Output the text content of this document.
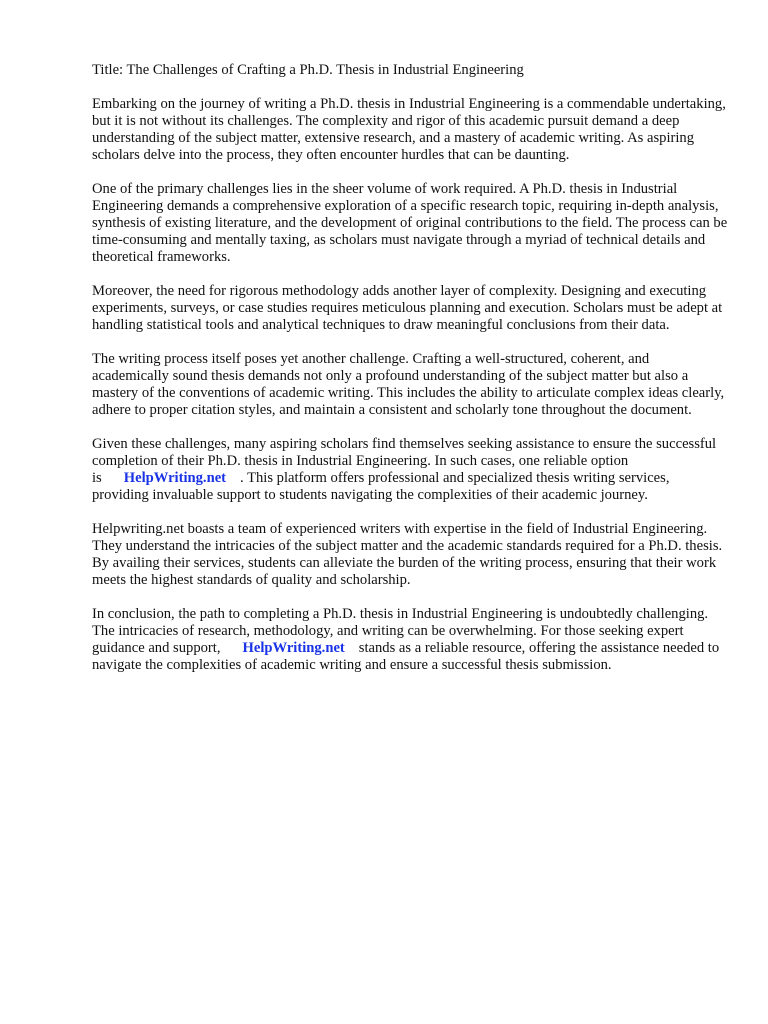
Title: The Challenges of Crafting a Ph.D. Thesis in Industrial Engineering

Embarking on the journey of writing a Ph.D. thesis in Industrial Engineering is a commendable undertaking, but it is not without its challenges. The complexity and rigor of this academic pursuit demand a deep understanding of the subject matter, extensive research, and a mastery of academic writing. As aspiring scholars delve into the process, they often encounter hurdles that can be daunting.

One of the primary challenges lies in the sheer volume of work required. A Ph.D. thesis in Industrial Engineering demands a comprehensive exploration of a specific research topic, requiring in-depth analysis, synthesis of existing literature, and the development of original contributions to the field. The process can be time-consuming and mentally taxing, as scholars must navigate through a myriad of technical details and theoretical frameworks.

Moreover, the need for rigorous methodology adds another layer of complexity. Designing and executing experiments, surveys, or case studies requires meticulous planning and execution. Scholars must be adept at handling statistical tools and analytical techniques to draw meaningful conclusions from their data.

The writing process itself poses yet another challenge. Crafting a well-structured, coherent, and academically sound thesis demands not only a profound understanding of the subject matter but also a mastery of the conventions of academic writing. This includes the ability to articulate complex ideas clearly, adhere to proper citation styles, and maintain a consistent and scholarly tone throughout the document.

Given these challenges, many aspiring scholars find themselves seeking assistance to ensure the successful completion of their Ph.D. thesis in Industrial Engineering. In such cases, one reliable option is HelpWriting.net . This platform offers professional and specialized thesis writing services, providing invaluable support to students navigating the complexities of their academic journey.

Helpwriting.net boasts a team of experienced writers with expertise in the field of Industrial Engineering. They understand the intricacies of the subject matter and the academic standards required for a Ph.D. thesis. By availing their services, students can alleviate the burden of the writing process, ensuring that their work meets the highest standards of quality and scholarship.

In conclusion, the path to completing a Ph.D. thesis in Industrial Engineering is undoubtedly challenging. The intricacies of research, methodology, and writing can be overwhelming. For those seeking expert guidance and support, HelpWriting.net stands as a reliable resource, offering the assistance needed to navigate the complexities of academic writing and ensure a successful thesis submission.
